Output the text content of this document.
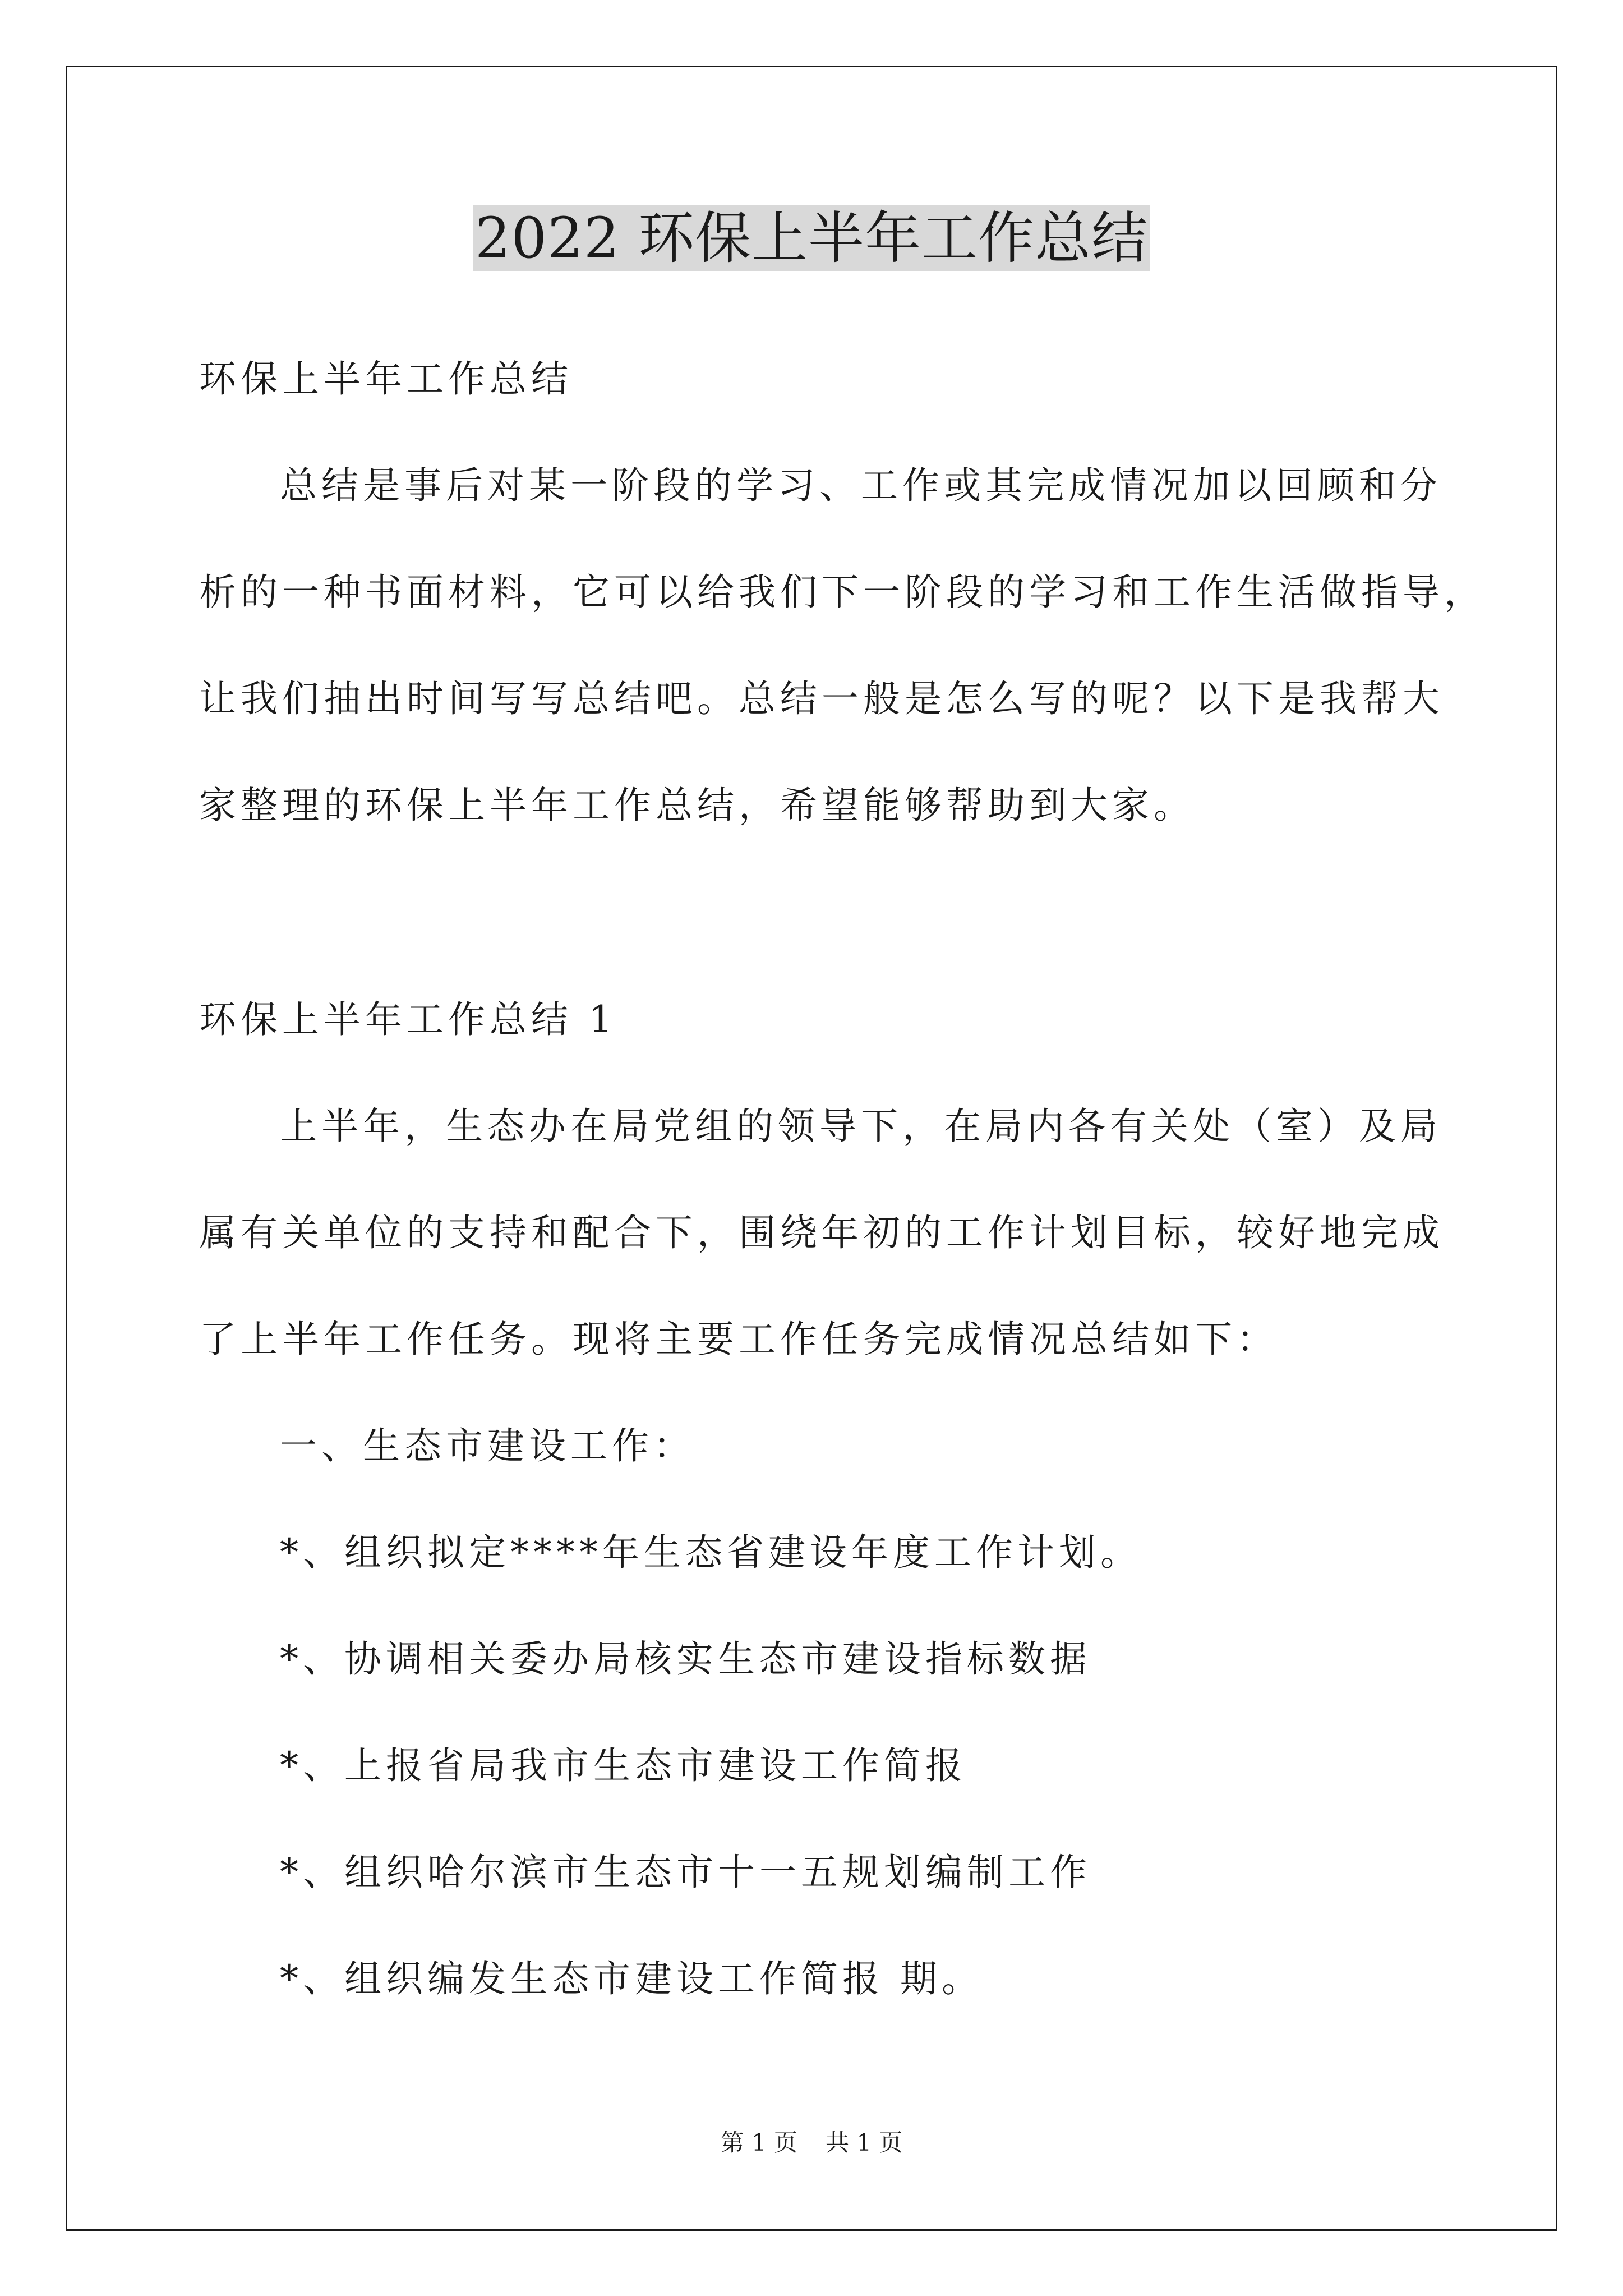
2022 环保上半年工作总结
环保上半年工作总结
总结是事后对某一阶段的学习、工作或其完成情况加以回顾和分
析的一种书面材料，它可以给我们下一阶段的学习和工作生活做指导，
让我们抽出时间写写总结吧。总结一般是怎么写的呢？以下是我帮大
家整理的环保上半年工作总结，希望能够帮助到大家。
环保上半年工作总结 1
上半年，生态办在局党组的领导下，在局内各有关处（室）及局
属有关单位的支持和配合下，围绕年初的工作计划目标，较好地完成
了上半年工作任务。现将主要工作任务完成情况总结如下：
一、生态市建设工作：
*、组织拟定****年生态省建设年度工作计划。
*、协调相关委办局核实生态市建设指标数据
*、上报省局我市生态市建设工作简报
*、组织哈尔滨市生态市十一五规划编制工作
*、组织编发生态市建设工作简报 期。
第 1 页 共 1 页
